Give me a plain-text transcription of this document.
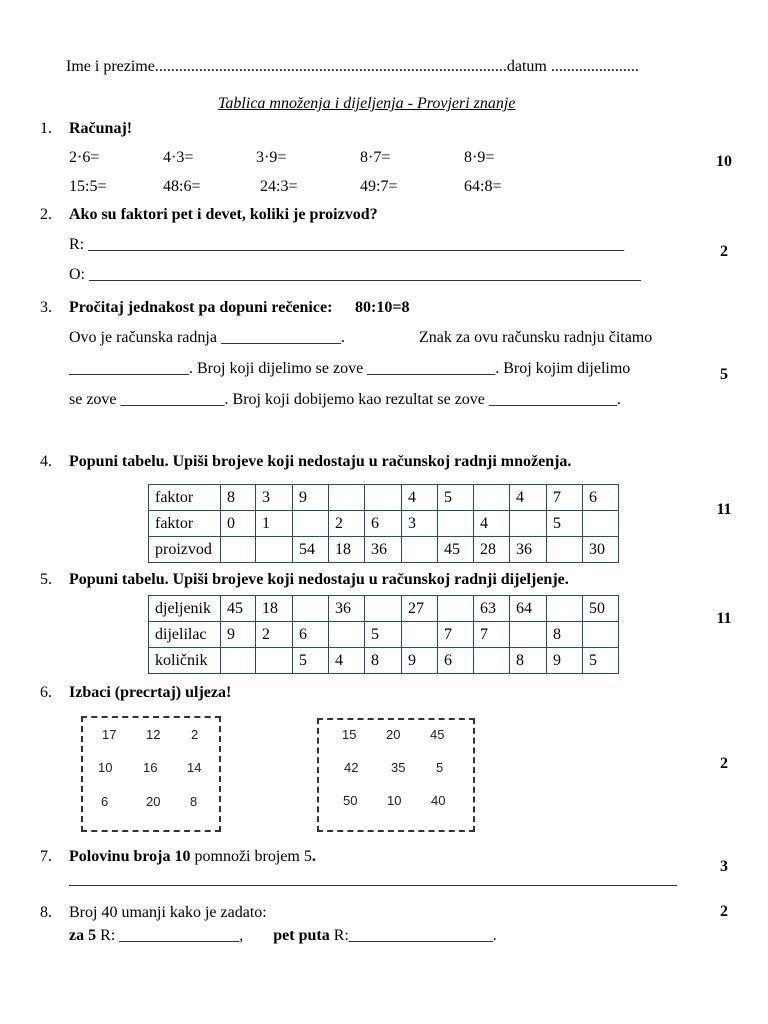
Ime i prezime........................................................................................datum ......................
Tablica množenja i dijeljenja - Provjeri znanje
1. Računaj!
2·6=	4·3=	3·9=	8·7=	8·9=
15:5=	48:6=	24:3=	49:7=	64:8=
10
2. Ako su faktori pet i devet, koliki je proizvod?
R: ___________________________________________________________________
O: _____________________________________________________________________
2
3. Pročitaj jednakost pa dopuni rečenice: 80:10=8
Ovo je računska radnja _______________.	Znak za ovu računsku radnju čitamo
_______________. Broj koji dijelimo se zove ________________. Broj kojim dijelimo
se zove _____________. Broj koji dobijemo kao rezultat se zove ________________.
5
4. Popuni tabelu. Upiši brojeve koji nedostaju u računskoj radnji množenja.
faktor	8	3	9			4	5		4	7	6
faktor	0	1		2	6	3		4		5	
proizvod			54	18	36		45	28	36		30
11
5. Popuni tabelu. Upiši brojeve koji nedostaju u računskoj radnji dijeljenje.
djeljenik	45	18		36		27		63	64		50
dijelilac	9	2	6		5		7	7		8	
količnik			5	4	8	9	6		8	9	5
11
6. Izbaci (precrtaj) uljeza!
17 12 2
10 16 14
6	20 8
15 20 45
42	35 5
50 10 40
2
7. Polovinu broja 10 pomnoži brojem 5.
____________________________________________________________________________
3
8. Broj 40 umanji kako je zadato:
za 5 R: _______________, pet puta R:__________________.
2
